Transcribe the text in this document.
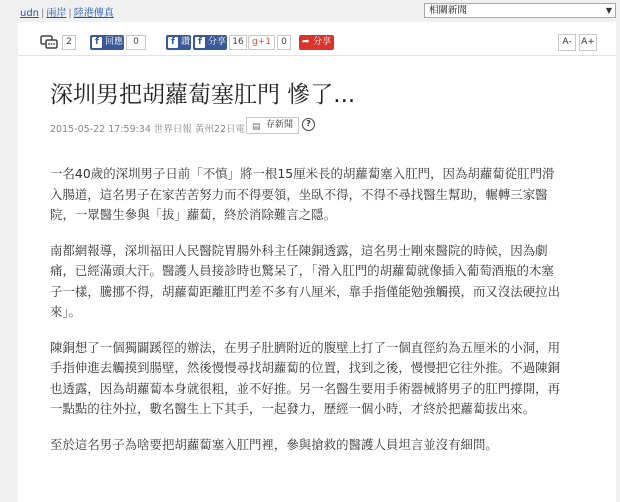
udn | 兩岸 | 陸港傳真	相關新聞	▼
2	f 回應	0	f 讚 f 分享 16 g+1	0	➦ 分享	A-	A+
深圳男把胡蘿蔔塞肛門 慘了...
2015-05-22 17:59:34 世界日報 黃州22日電 ▤ 存新聞	?

一名40歲的深圳男子日前「不慎」將一根15厘米長的胡蘿蔔塞入肛門，因為胡蘿蔔從肛門滑入腸道，這名男子在家苦苦努力而不得要領，坐臥不得，不得不尋找醫生幫助，輾轉三家醫院，一眾醫生參與「拔」蘿蔔，終於消除難言之隱。

南都網報導，深圳福田人民醫院胃腸外科主任陳銅透露，這名男士剛來醫院的時候，因為劇痛，已經滿頭大汗。醫護人員接診時也驚呆了，「滑入肛門的胡蘿蔔就像插入葡萄酒瓶的木塞子一樣，騰挪不得，胡蘿蔔距離肛門差不多有八厘米，靠手指僅能勉強觸摸，而又沒法硬拉出來」。

陳銅想了一個獨闢蹊徑的辦法，在男子肚臍附近的腹壁上打了一個直徑約為五厘米的小洞，用手指伸進去觸摸到腸壁，然後慢慢尋找胡蘿蔔的位置，找到之後，慢慢把它往外推。不過陳銅也透露，因為胡蘿蔔本身就很粗，並不好推。另一名醫生要用手術器械將男子的肛門撐開，再一點點的往外拉，數名醫生上下其手，一起發力，歷經一個小時，才終於把蘿蔔拔出來。

至於這名男子為啥要把胡蘿蔔塞入肛門裡，參與搶救的醫護人員坦言並沒有細問。
